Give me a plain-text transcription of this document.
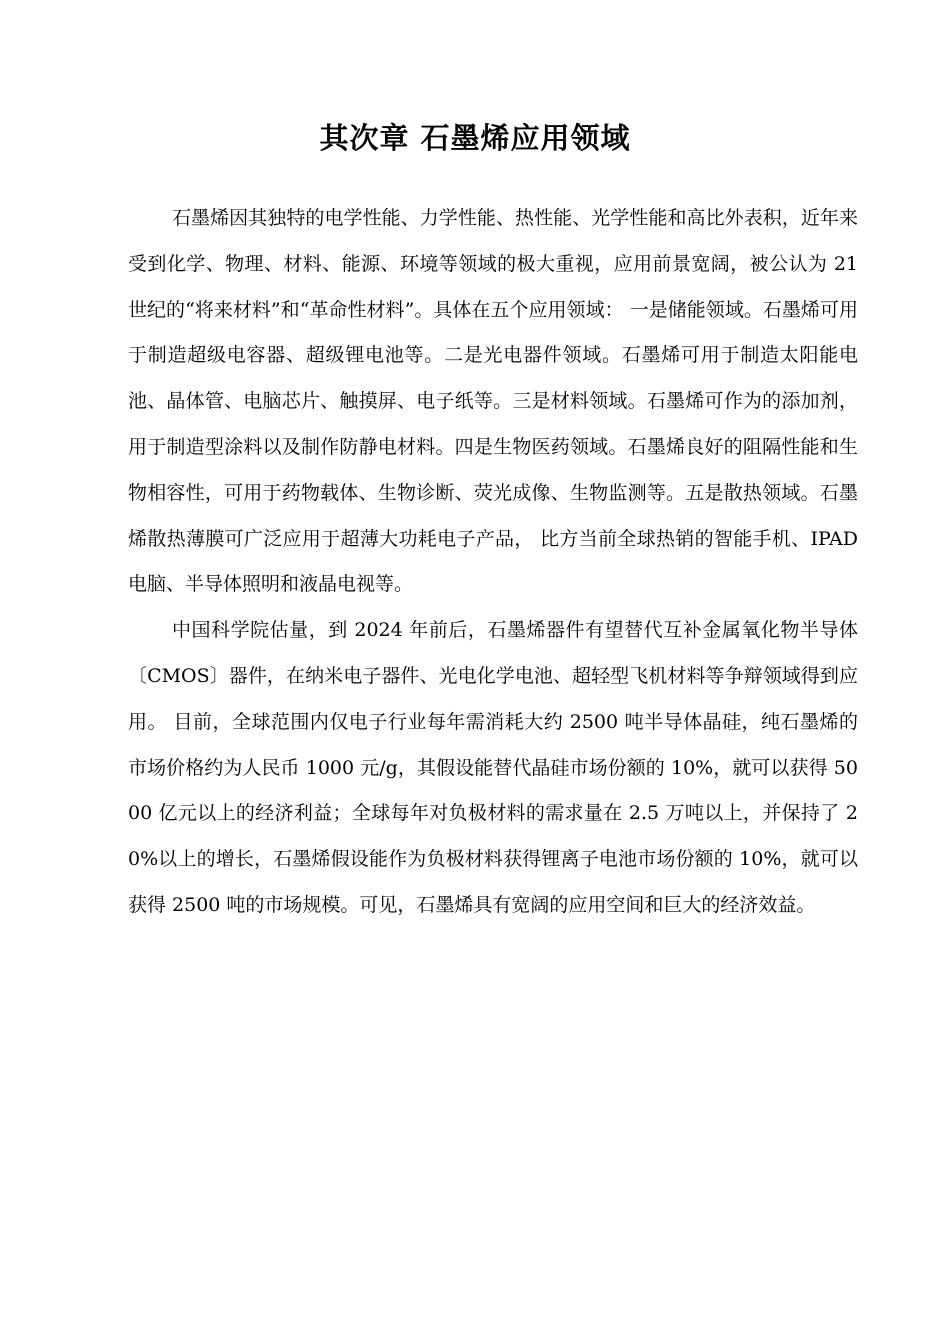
其次章 石墨烯应用领域

石墨烯因其独特的电学性能、力学性能、热性能、光学性能和高比外表积，近年来受到化学、物理、材料、能源、环境等领域的极大重视，应用前景宽阔，被公认为 21 世纪的“将来材料”和“革命性材料”。具体在五个应用领域： 一是储能领域。石墨烯可用于制造超级电容器、超级锂电池等。二是光电器件领域。石墨烯可用于制造太阳能电池、晶体管、电脑芯片、触摸屏、电子纸等。三是材料领域。石墨烯可作为的添加剂，用于制造型涂料以及制作防静电材料。四是生物医药领域。石墨烯良好的阻隔性能和生物相容性，可用于药物载体、生物诊断、荧光成像、生物监测等。五是散热领域。石墨烯散热薄膜可广泛应用于超薄大功耗电子产品， 比方当前全球热销的智能手机、IPAD 电脑、半导体照明和液晶电视等。

中国科学院估量，到 2024 年前后，石墨烯器件有望替代互补金属氧化物半导体〔CMOS〕器件，在纳米电子器件、光电化学电池、超轻型飞机材料等争辩领域得到应用。 目前，全球范围内仅电子行业每年需消耗大约 2500 吨半导体晶硅，纯石墨烯的市场价格约为人民币 1000 元/g，其假设能替代晶硅市场份额的 10%，就可以获得 5000 亿元以上的经济利益；全球每年对负极材料的需求量在 2.5 万吨以上，并保持了 20%以上的增长，石墨烯假设能作为负极材料获得锂离子电池市场份额的 10%，就可以获得 2500 吨的市场规模。可见，石墨烯具有宽阔的应用空间和巨大的经济效益。
